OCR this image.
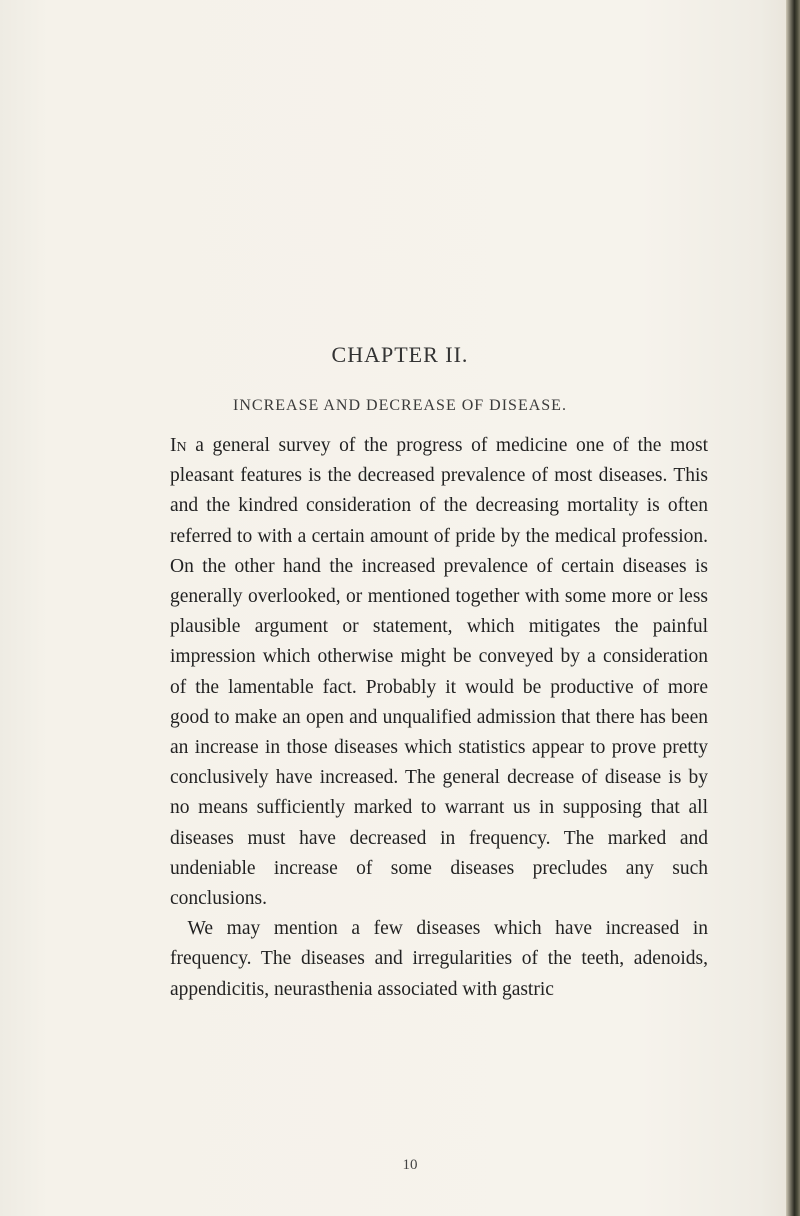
CHAPTER II.
INCREASE AND DECREASE OF DISEASE.

In a general survey of the progress of medicine one of the most pleasant features is the decreased prevalence of most diseases. This and the kindred consideration of the decreasing mortality is often referred to with a certain amount of pride by the medical profession. On the other hand the increased prevalence of certain diseases is generally overlooked, or mentioned together with some more or less plausible argument or statement, which mitigates the painful impression which otherwise might be conveyed by a consideration of the lamentable fact. Probably it would be productive of more good to make an open and unqualified admission that there has been an increase in those diseases which statistics appear to prove pretty conclusively have increased. The general decrease of disease is by no means sufficiently marked to warrant us in supposing that all diseases must have decreased in frequency. The marked and undeniable increase of some diseases precludes any such conclusions.

We may mention a few diseases which have increased in frequency. The diseases and irregularities of the teeth, adenoids, appendicitis, neurasthenia associated with gastric

10
